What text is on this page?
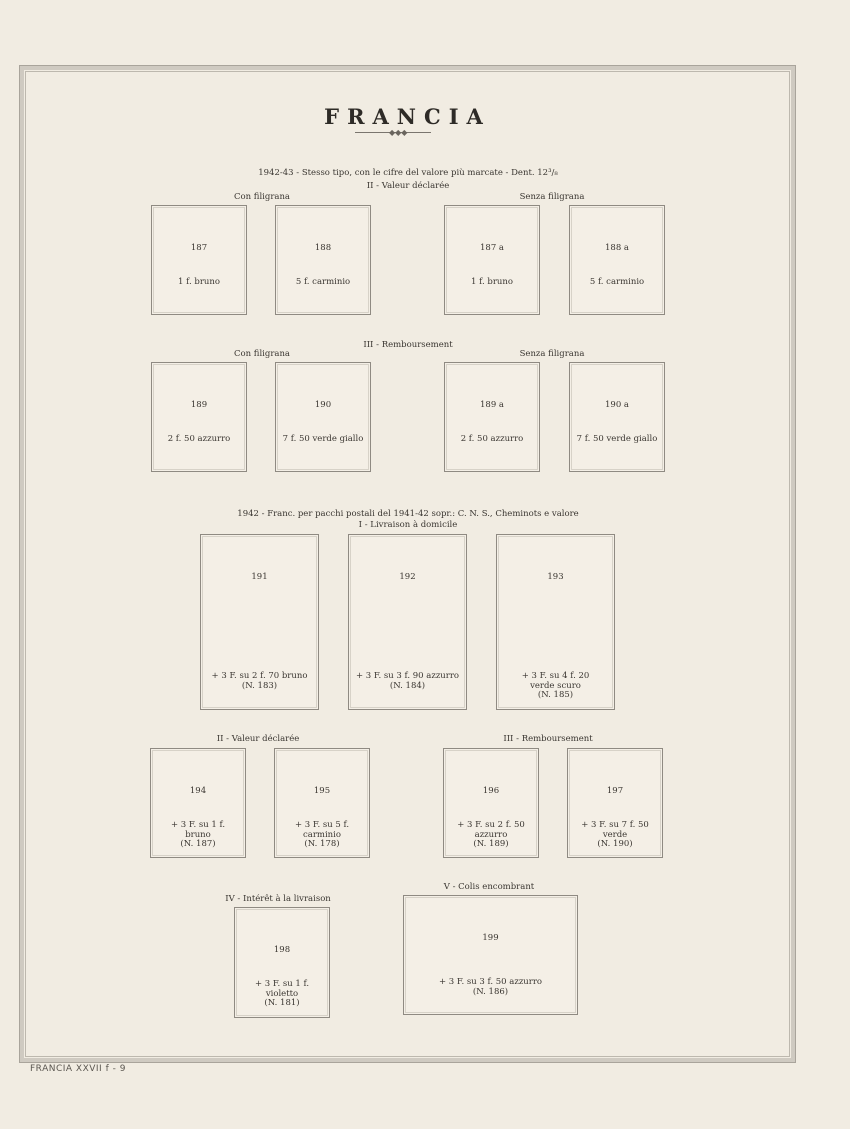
FRANCIA
◆◆◆
1942-43 - Stesso tipo, con le cifre del valore più marcate - Dent. 12³/₈
II - Valeur déclarée
Con filigrana	Senza filigrana
187
1 f. bruno
188
5 f. carminio
187 a
1 f. bruno
188 a
5 f. carminio
III - Remboursement
Con filigrana	Senza filigrana
189
2 f. 50 azzurro
190
7 f. 50 verde giallo
189 a
2 f. 50 azzurro
190 a
7 f. 50 verde giallo
1942 - Franc. per pacchi postali del 1941-42 sopr.: C. N. S., Cheminots e valore
I - Livraison à domicile
191
+ 3 F. su 2 f. 70 bruno
(N. 183)
192
+ 3 F. su 3 f. 90 azzurro
(N. 184)
193
+ 3 F. su 4 f. 20
verde scuro
(N. 185)
II - Valeur déclarée	III - Remboursement
194
+ 3 F. su 1 f.
bruno
(N. 187)
195
+ 3 F. su 5 f.
carminio
(N. 178)
196
+ 3 F. su 2 f. 50
azzurro
(N. 189)
197
+ 3 F. su 7 f. 50
verde
(N. 190)
IV - Intérêt à la livraison
V - Colis encombrant
198
+ 3 F. su 1 f.
violetto
(N. 181)
199
+ 3 F. su 3 f. 50 azzurro
(N. 186)
FRANCIA XXVII f - 9
